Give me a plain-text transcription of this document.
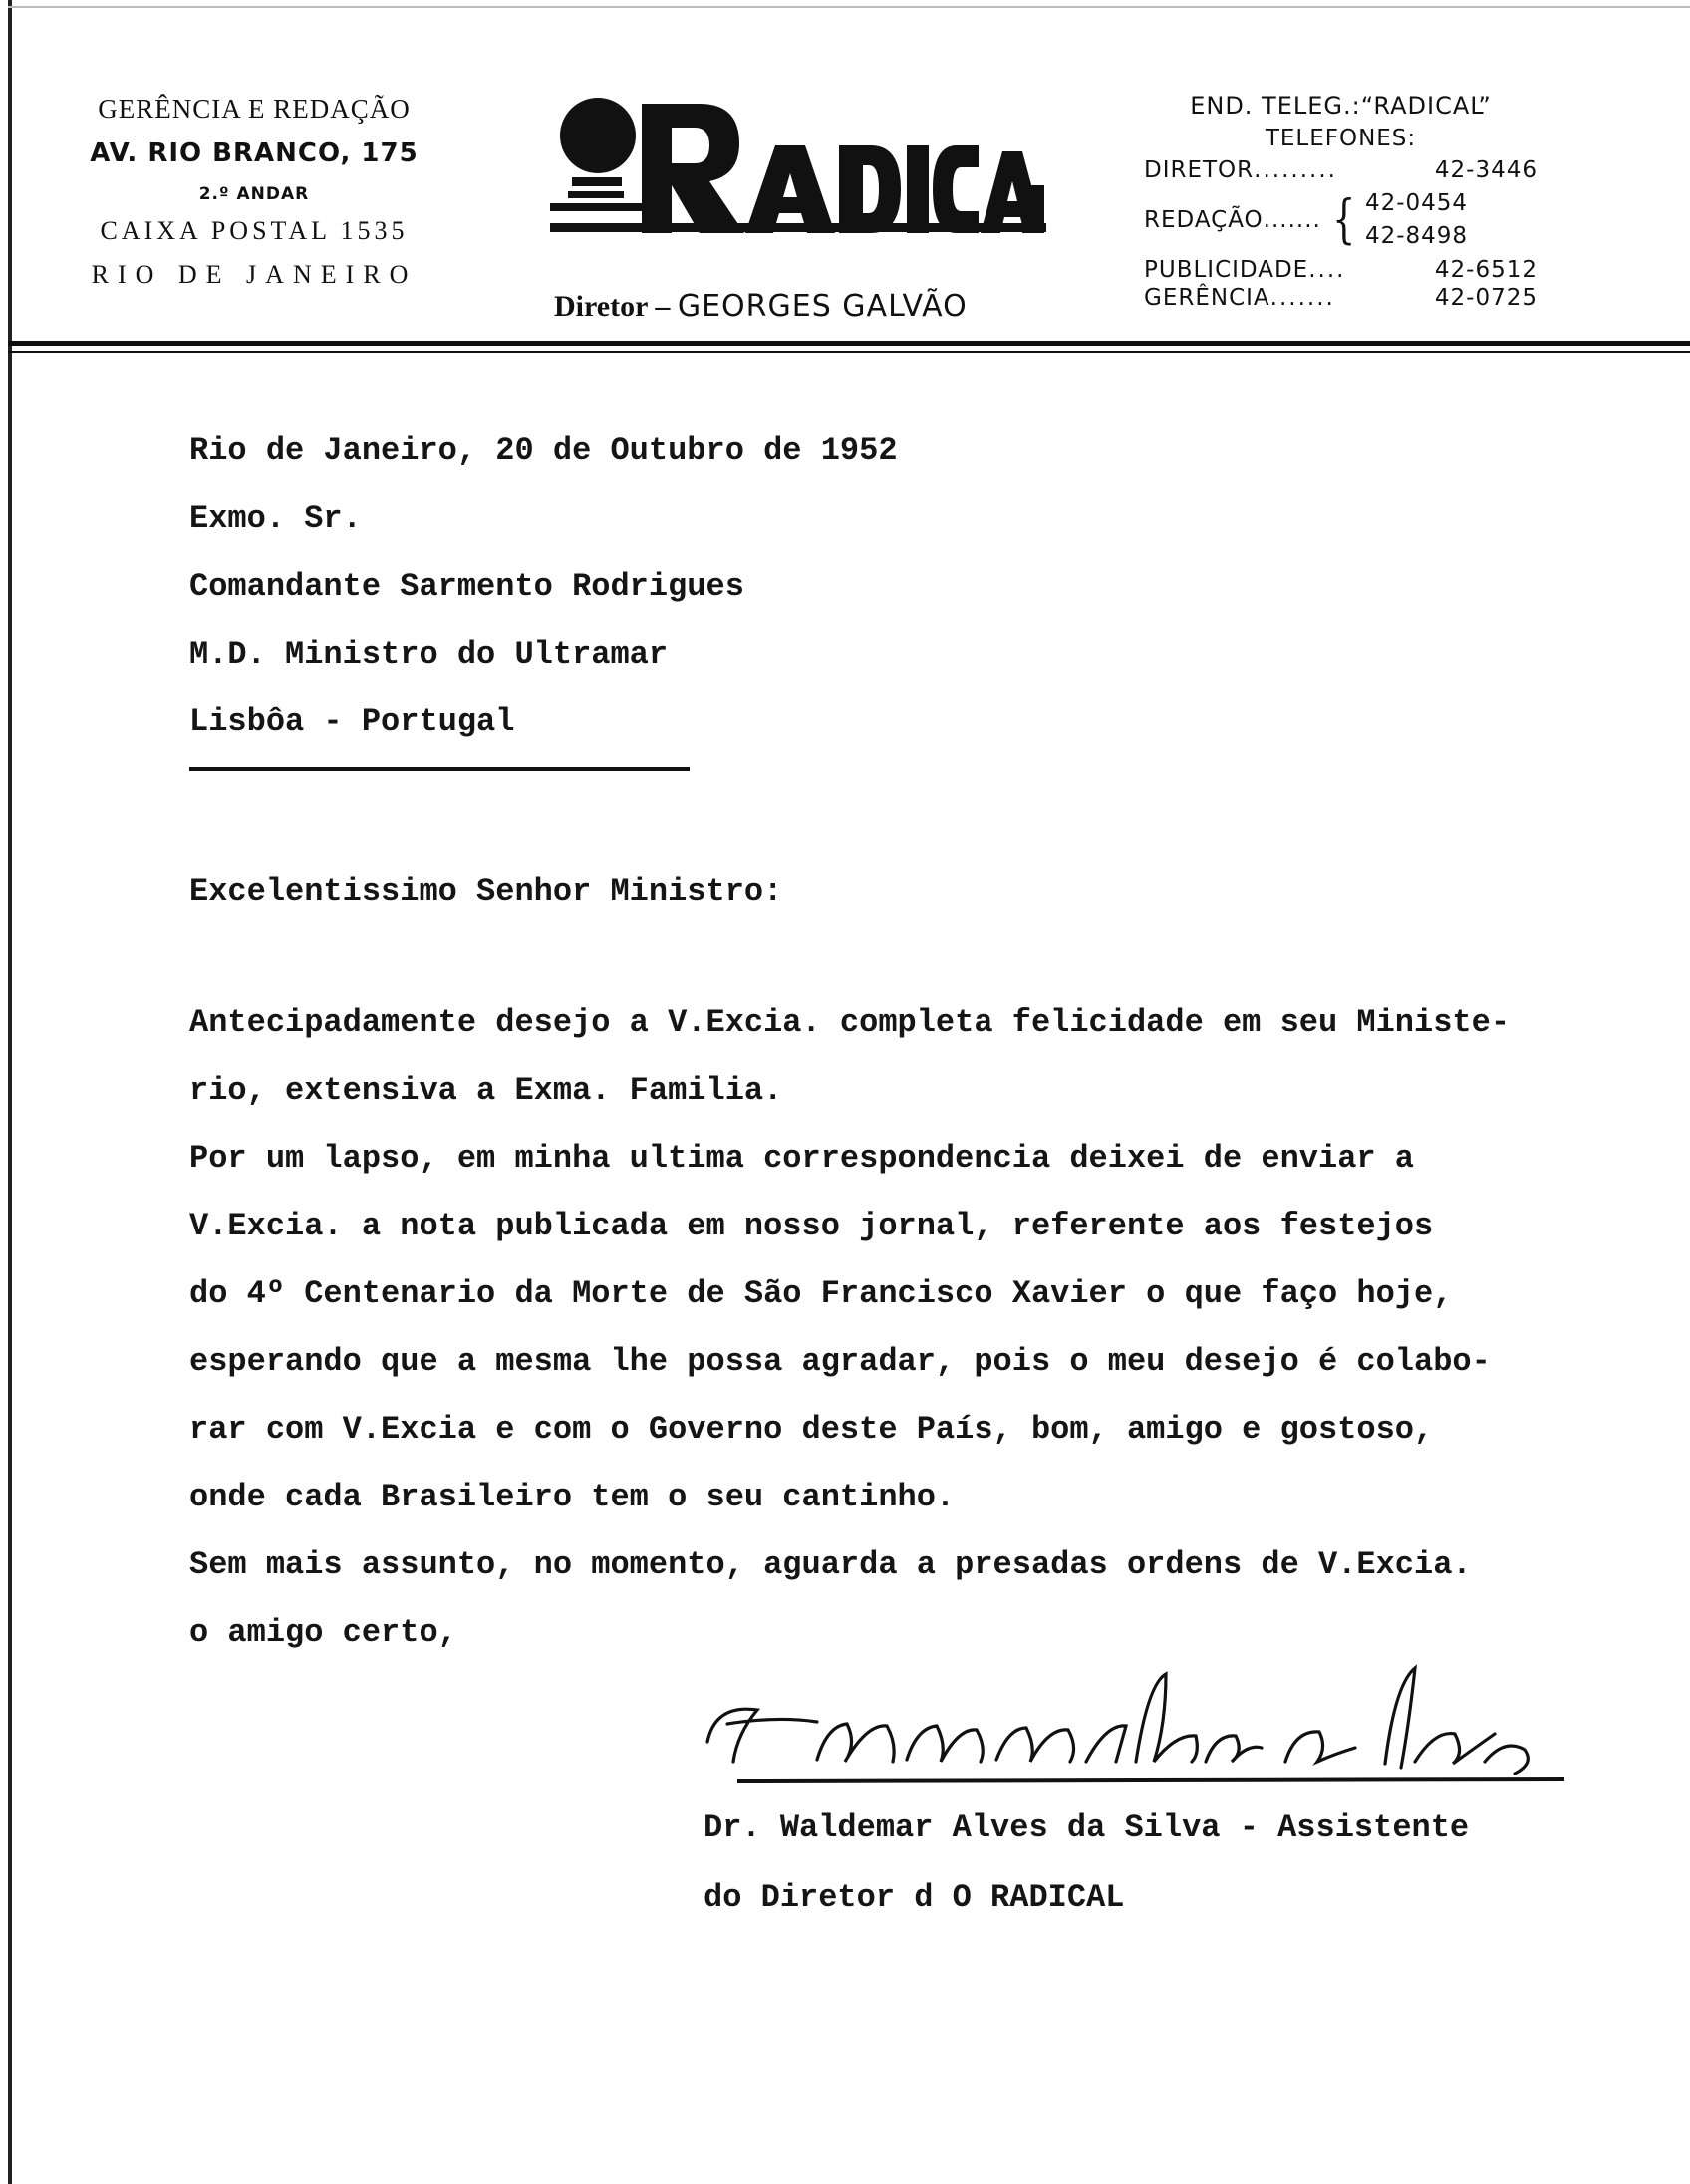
GERÊNCIA E REDAÇÃO
AV. RIO BRANCO, 175
2.º ANDAR
CAIXA POSTAL 1535
RIO DE JANEIRO
O RADICAL
Diretor – GEORGES GALVÃO
END. TELEG.:“RADICAL”
TELEFONES:
DIRETOR .........	42-3446
REDAÇÃO ....... { 42-0454
42-8498
PUBLICIDADE ....	42-6512
GERÊNCIA .......	42-0725
Rio de Janeiro, 20 de Outubro de 1952
Exmo. Sr.
Comandante Sarmento Rodrigues
M.D. Ministro do Ultramar
Lisbôa - Portugal
Excelentissimo Senhor Ministro:
Antecipadamente desejo a V.Excia. completa felicidade em seu Ministe-
rio, extensiva a Exma. Familia.
Por um lapso, em minha ultima correspondencia deixei de enviar a
V.Excia. a nota publicada em nosso jornal, referente aos festejos
do 4º Centenario da Morte de São Francisco Xavier o que faço hoje,
esperando que a mesma lhe possa agradar, pois o meu desejo é colabo-
rar com V.Excia e com o Governo deste País, bom, amigo e gostoso,
onde cada Brasileiro tem o seu cantinho.
Sem mais assunto, no momento, aguarda a presadas ordens de V.Excia.
o amigo certo,
Dr. Waldemar Alves da Silva - Assistente
do Diretor d O RADICAL
